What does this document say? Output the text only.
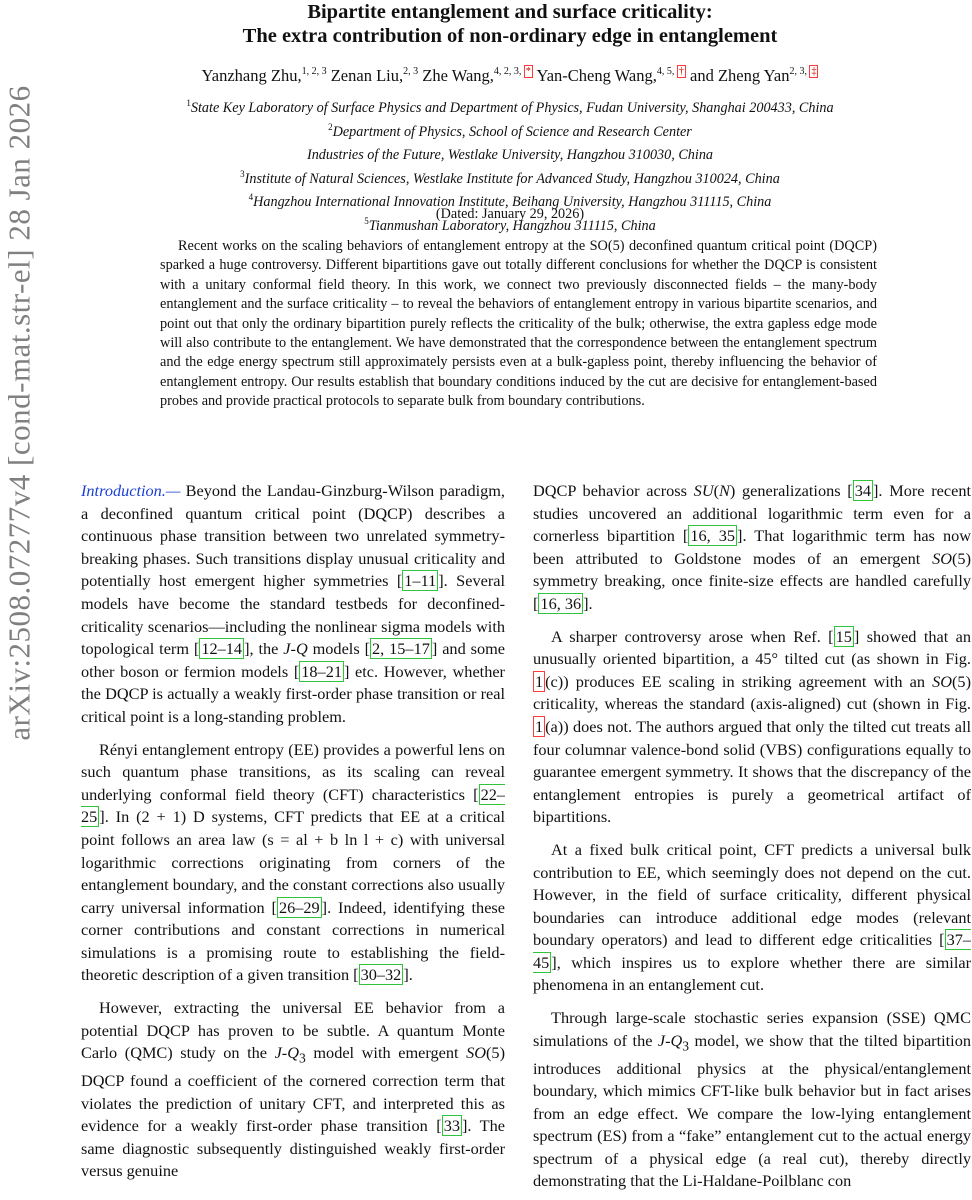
arXiv:2508.07277v4 [cond-mat.str-el] 28 Jan 2026
Bipartite entanglement and surface criticality:
The extra contribution of non-ordinary edge in entanglement
Yanzhang Zhu,$^{1, 2, 3}$ Zenan Liu,$^{2, 3}$ Zhe Wang,$^{4, 2, 3, *}$ Yan-Cheng Wang,$^{4, 5, \dagger}$ and Zheng Yan$^{2, 3, \ddagger}$
$^1$State Key Laboratory of Surface Physics and Department of Physics, Fudan University, Shanghai 200433, China
$^2$Department of Physics, School of Science and Research Center
Industries of the Future, Westlake University, Hangzhou 310030, China
$^3$Institute of Natural Sciences, Westlake Institute for Advanced Study, Hangzhou 310024, China
$^4$Hangzhou International Innovation Institute, Beihang University, Hangzhou 311115, China
$^5$Tianmushan Laboratory, Hangzhou 311115, China
(Dated: January 29, 2026)
Recent works on the scaling behaviors of entanglement entropy at the SO(5) deconfined quantum critical point (DQCP) sparked a huge controversy. Different bipartitions gave out totally different conclusions for whether the DQCP is consistent with a unitary conformal field theory. In this work, we connect two previously disconnected fields – the many-body entanglement and the surface criticality – to reveal the behaviors of entanglement entropy in various bipartite scenarios, and point out that only the ordinary bipartition purely reflects the criticality of the bulk; otherwise, the extra gapless edge mode will also contribute to the entanglement. We have demonstrated that the correspondence between the entanglement spectrum and the edge energy spectrum still approximately persists even at a bulk-gapless point, thereby influencing the behavior of entanglement entropy. Our results establish that boundary conditions induced by the cut are decisive for entanglement-based probes and provide practical protocols to separate bulk from boundary contributions.

Introduction.— Beyond the Landau-Ginzburg-Wilson paradigm, a deconfined quantum critical point (DQCP) describes a continuous phase transition between two unrelated symmetry-breaking phases. Such transitions display unusual criticality and potentially host emergent higher symmetries [ 1–11 ]. Several models have become the standard testbeds for deconfined-criticality scenarios—including the nonlinear sigma models with topological term [ 12–14 ], the J-Q models [ 2, 15–17 ] and some other boson or fermion models [ 18–21 ] etc. However, whether the DQCP is actually a weakly first-order phase transition or real critical point is a long-standing problem.

Rényi entanglement entropy (EE) provides a powerful lens on such quantum phase transitions, as its scaling can reveal underlying conformal field theory (CFT) characteristics [ 22–25 ]. In (2 + 1) D systems, CFT predicts that EE at a critical point follows an area law (s = al + b ln l + c) with universal logarithmic corrections originating from corners of the entanglement boundary, and the constant corrections also usually carry universal information [ 26–29 ]. Indeed, identifying these corner contributions and constant corrections in numerical simulations is a promising route to establishing the field-theoretic description of a given transition [ 30–32 ].

However, extracting the universal EE behavior from a potential DQCP has proven to be subtle. A quantum Monte Carlo (QMC) study on the $J-Q_3$ model with emergent SO(5) DQCP found a coefficient of the cornered correction term that violates the prediction of unitary CFT, and interpreted this as evidence for a weakly first-order phase transition [ 33 ]. The same diagnostic subsequently distinguished weakly first-order versus genuine

DQCP behavior across SU(N) generalizations [ 34 ]. More recent studies uncovered an additional logarithmic term even for a cornerless bipartition [ 16, 35 ]. That logarithmic term has now been attributed to Goldstone modes of an emergent SO(5) symmetry breaking, once finite-size effects are handled carefully [ 16, 36 ].

A sharper controversy arose when Ref. [ 15 ] showed that an unusually oriented bipartition, a 45° tilted cut (as shown in Fig. 1 (c)) produces EE scaling in striking agreement with an SO(5) criticality, whereas the standard (axis-aligned) cut (shown in Fig. 1 (a)) does not. The authors argued that only the tilted cut treats all four columnar valence-bond solid (VBS) configurations equally to guarantee emergent symmetry. It shows that the discrepancy of the entanglement entropies is purely a geometrical artifact of bipartitions.

At a fixed bulk critical point, CFT predicts a universal bulk contribution to EE, which seemingly does not depend on the cut. However, in the field of surface criticality, different physical boundaries can introduce additional edge modes (relevant boundary operators) and lead to different edge criticalities [ 37–45 ], which inspires us to explore whether there are similar phenomena in an entanglement cut.

Through large-scale stochastic series expansion (SSE) QMC simulations of the $J-Q_3$ model, we show that the tilted bipartition introduces additional physics at the physical/entanglement boundary, which mimics CFT-like bulk behavior but in fact arises from an edge effect. We compare the low-lying entanglement spectrum (ES) from a “fake” entanglement cut to the actual energy spectrum of a physical edge (a real cut), thereby directly demonstrating that the Li-Haldane-Poilblanc con
